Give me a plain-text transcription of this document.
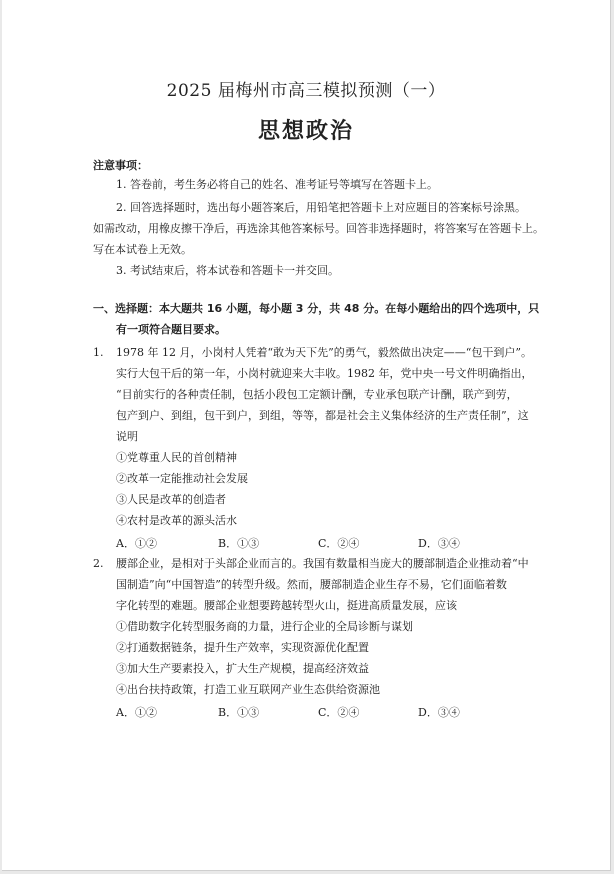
2025 届梅州市高三模拟预测（一）
思想政治
注意事项：
1. 答卷前，考生务必将自己的姓名、准考证号等填写在答题卡上。
2. 回答选择题时，选出每小题答案后，用铅笔把答题卡上对应题目的答案标号涂黑。
如需改动，用橡皮擦干净后，再选涂其他答案标号。回答非选择题时，将答案写在答题卡上。
写在本试卷上无效。
3. 考试结束后，将本试卷和答题卡一并交回。
一、选择题：本大题共 16 小题，每小题 3 分，共 48 分。在每小题给出的四个选项中，只
有一项符合题目要求。
1. 1978 年 12 月，小岗村人凭着“敢为天下先”的勇气，毅然做出决定——“包干到户”。
实行大包干后的第一年，小岗村就迎来大丰收。1982 年，党中央一号文件明确指出，
“目前实行的各种责任制，包括小段包工定额计酬，专业承包联产计酬，联产到劳，
包产到户、到组，包干到户，到组，等等，都是社会主义集体经济的生产责任制”，这
说明
①党尊重人民的首创精神
②改革一定能推动社会发展
③人民是改革的创造者
④农村是改革的源头活水
A．①②	B．①③	C．②④	D．③④
2. 腰部企业，是相对于头部企业而言的。我国有数量相当庞大的腰部制造企业推动着“中
国制造”向“中国智造”的转型升级。然而，腰部制造企业生存不易，它们面临着数
字化转型的难题。腰部企业想要跨越转型火山，挺进高质量发展，应该
①借助数字化转型服务商的力量，进行企业的全局诊断与谋划
②打通数据链条，提升生产效率，实现资源优化配置
③加大生产要素投入，扩大生产规模，提高经济效益
④出台扶持政策，打造工业互联网产业生态供给资源池
A．①②	B．①③	C．②④	D．③④
